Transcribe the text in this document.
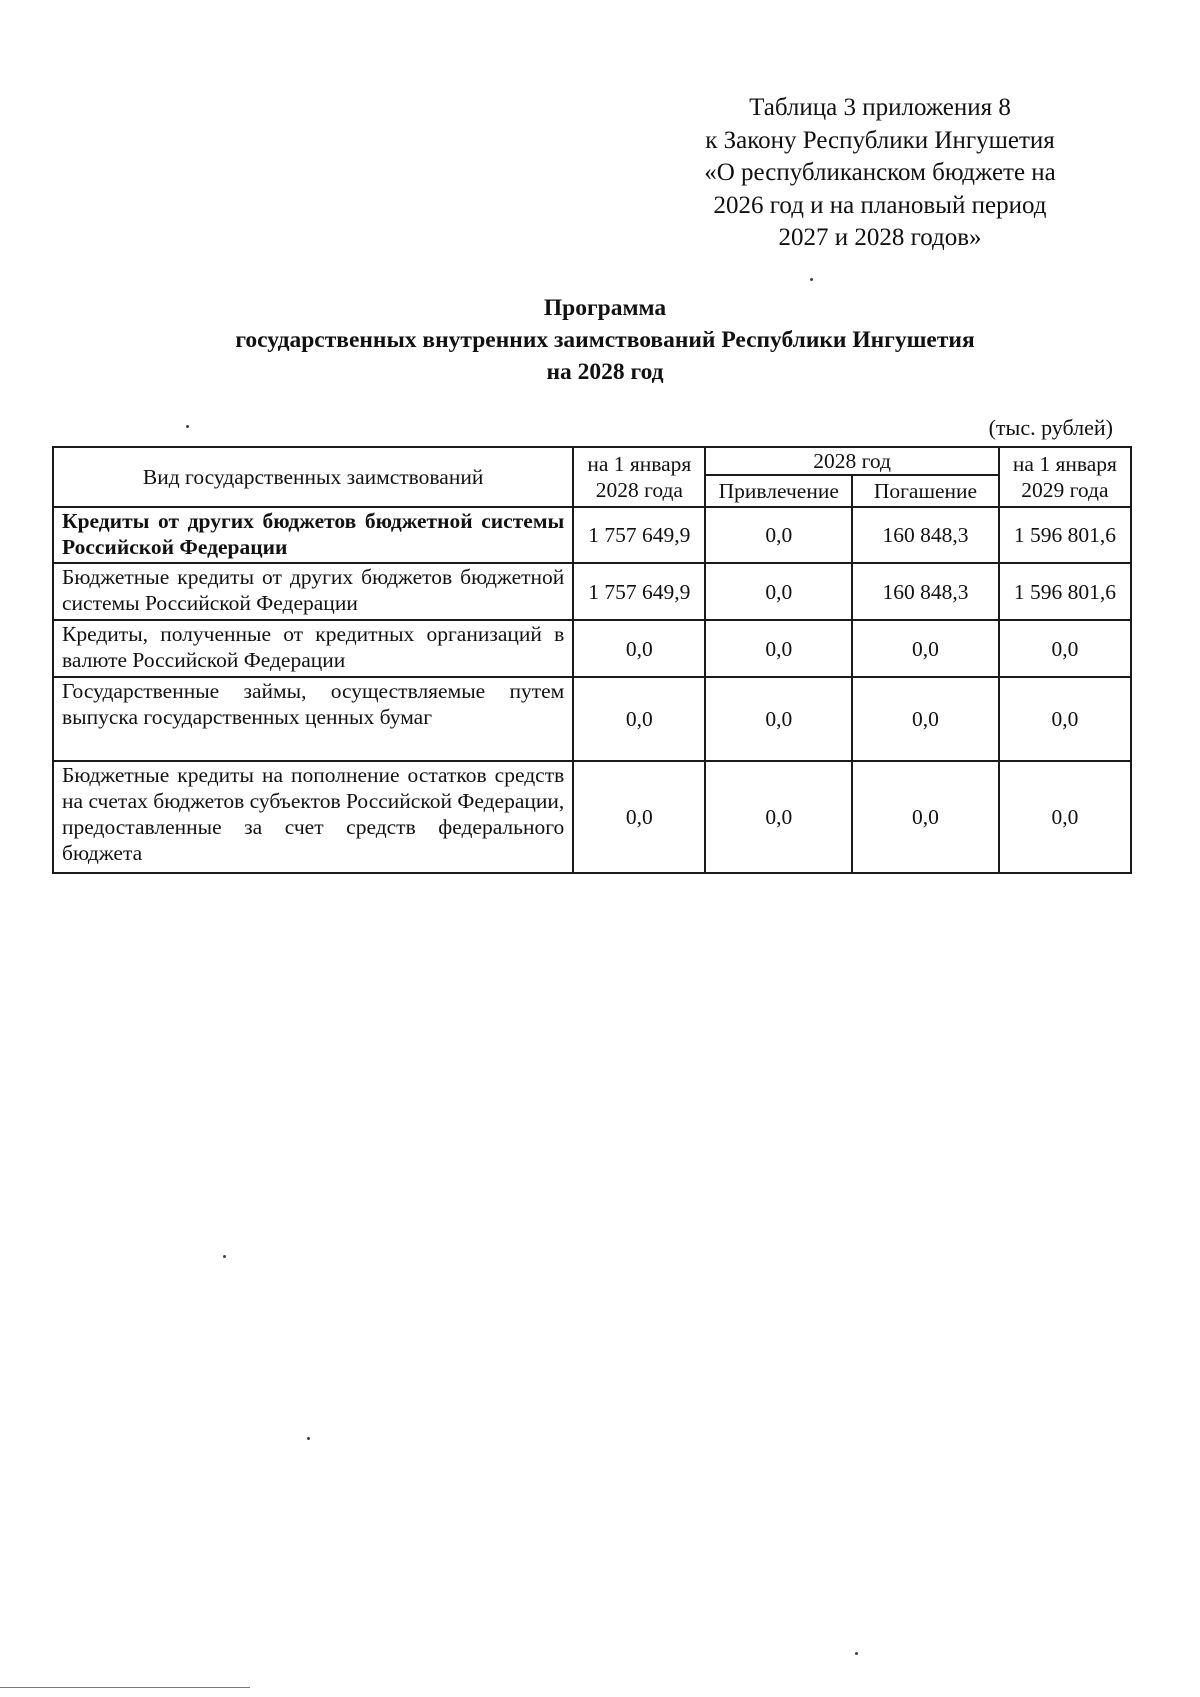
Таблица 3 приложения 8
к Закону Республики Ингушетия
«О республиканском бюджете на
2026 год и на плановый период
2027 и 2028 годов»
Программа
государственных внутренних заимствований Республики Ингушетия
на 2028 год
(тыс. рублей)
Вид государственных заимствований	на 1 января 2028 года	2028 год		на 1 января 2029 года
		Привлечение	Погашение	
Кредиты от других бюджетов бюджетной системы Российской Федерации	1 757 649,9	0,0	160 848,3	1 596 801,6
Бюджетные кредиты от других бюджетов бюджетной системы Российской Федерации	1 757 649,9	0,0	160 848,3	1 596 801,6
Кредиты, полученные от кредитных организаций в валюте Российской Федерации	0,0	0,0	0,0	0,0
Государственные займы, осуществляемые путем выпуска государственных ценных бумаг	0,0	0,0	0,0	0,0
Бюджетные кредиты на пополнение остатков средств на счетах бюджетов субъектов Российской Федерации, предоставленные за счет средств федерального бюджета	0,0	0,0	0,0	0,0
